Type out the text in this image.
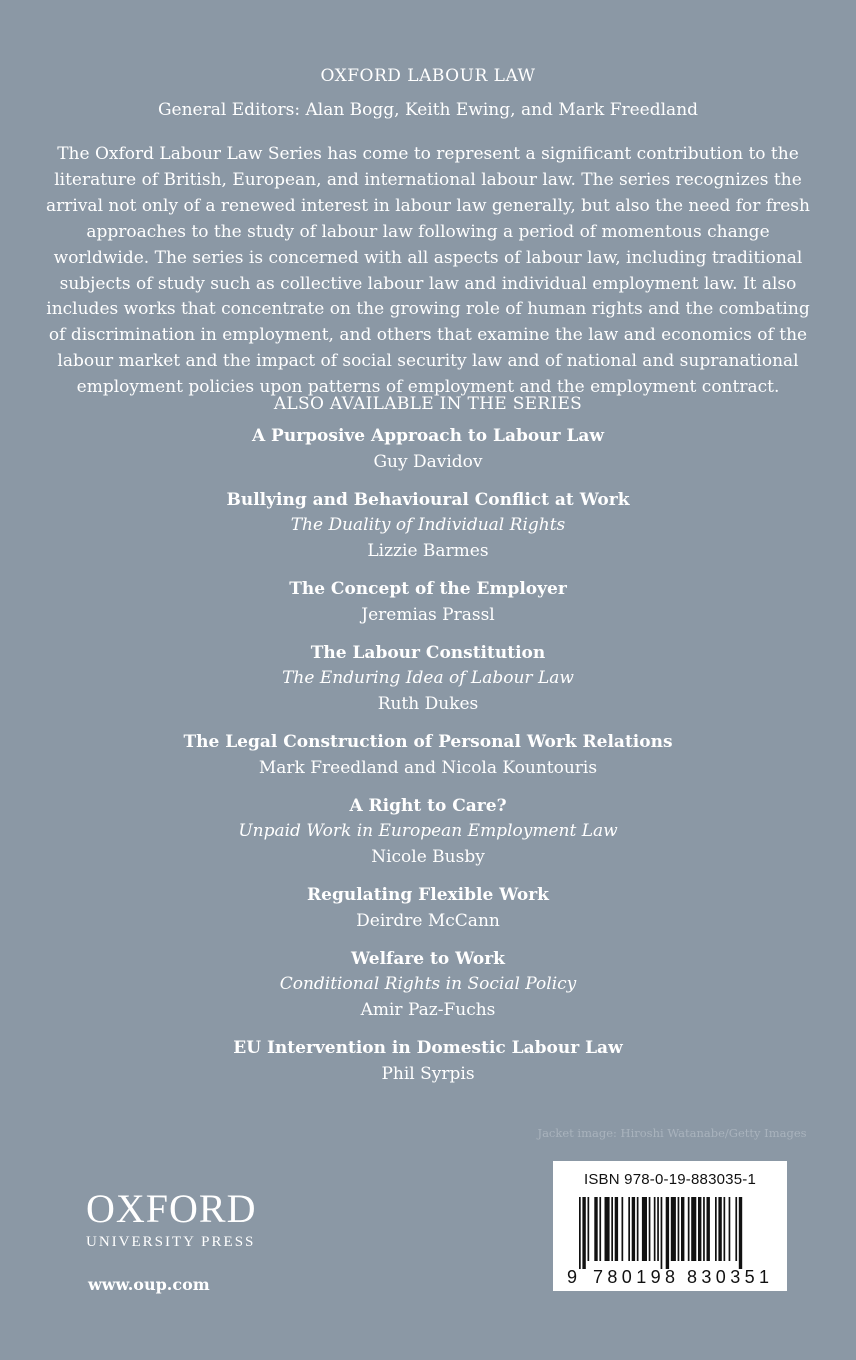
OXFORD LABOUR LAW
General Editors: Alan Bogg, Keith Ewing, and Mark Freedland
The Oxford Labour Law Series has come to represent a significant contribution to the literature of British, European, and international labour law. The series recognizes the arrival not only of a renewed interest in labour law generally, but also the need for fresh approaches to the study of labour law following a period of momentous change worldwide. The series is concerned with all aspects of labour law, including traditional subjects of study such as collective labour law and individual employment law. It also includes works that concentrate on the growing role of human rights and the combating of discrimination in employment, and others that examine the law and economics of the labour market and the impact of social security law and of national and supranational employment policies upon patterns of employment and the employment contract.
ALSO AVAILABLE IN THE SERIES
A Purposive Approach to Labour Law
Guy Davidov
Bullying and Behavioural Conflict at Work
The Duality of Individual Rights
Lizzie Barmes
The Concept of the Employer
Jeremias Prassl
The Labour Constitution
The Enduring Idea of Labour Law
Ruth Dukes
The Legal Construction of Personal Work Relations
Mark Freedland and Nicola Kountouris
A Right to Care?
Unpaid Work in European Employment Law
Nicole Busby
Regulating Flexible Work
Deirdre McCann
Welfare to Work
Conditional Rights in Social Policy
Amir Paz-Fuchs
EU Intervention in Domestic Labour Law
Phil Syrpis
Jacket image: Hiroshi Watanabe/Getty Images
ISBN 978-0-19-883035-1
9 780198 830351
OXFORD
UNIVERSITY PRESS
www.oup.com
